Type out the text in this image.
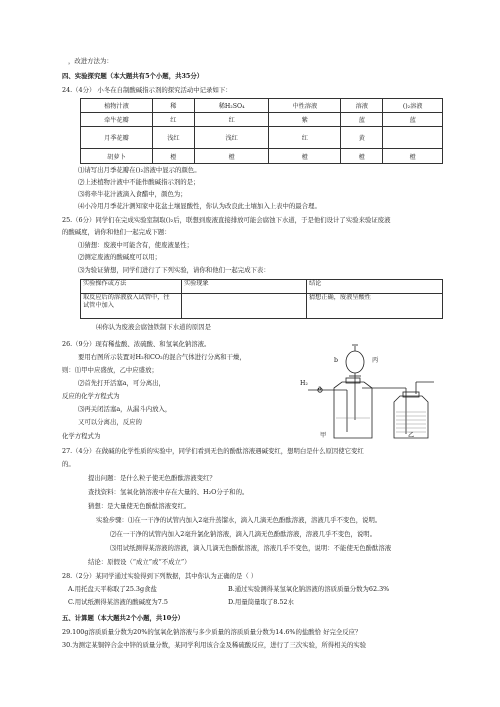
，改进方法为：
四、实验探究题（本大题共有5个小题，共35分）
24.（4分） 小冬在自制酸碱指示剂的探究活动中记录如下：
植物汁液	稀	稀H₂SO₄	中性溶液	溶液	()₂溶液
牵牛花瓣	红	红	紫	蓝	蓝
月季花瓣	浅红	浅红	红	黄	
胡萝卜	橙	橙	橙	橙	橙
⑴请写出月季花瓣在()₂溶液中显示的颜色。
⑵上述植物汁液中不能作酸碱指示剂的是；
⑶将牵牛花汁液滴入食醋中，颜色为；
⑷小冷用月季花汁测知家中花盆土壤显酸性，你认为改良此土壤加入上表中的最合理。
25.（6分）同学们在完成实验室制取()₂后，联想到废液直接排放可能会腐蚀下水道，于是他们设计了实验来验证废液
的酸碱度，请你和他们一起完成下题：
⑴猜想：废液中可能含有，使废液显性；
⑵测定废液的酸碱度可以用；
⑶为验证猜想，同学们进行了下列实验，请你和他们一起完成下表：
实验操作或方法	实验现象	结论

取反应后的溶液放入试管中，往
试管中加入		猜想正确，废液呈酸性
⑷你认为废液会腐蚀铁制下水道的原因是
26.（9分）现有稀盐酸、浓硫酸、和氢氧化钠溶液。
要用右图所示装置对H₂和CO₂的混合气体进行分离和干燥，
则：⑴甲中应盛放，乙中应盛放；
⑵首先打开活塞a，可分离出，
反应的化学方程式为
⑶再关闭活塞a，从漏斗内放入，
又可以分离出，反应的
化学方程式为
b
a
H₂
丙
甲	乙
27.（4分）在做碱的化学性质的实验中，同学们看到无色的酚酞溶液遇碱变红，想明白是什么原因使它变红
的。
提出问题：是什么粒子使无色酚酞溶液变红？
查找资料：氢氧化钠溶液中存在大量的、H₂O分子和的。
猜想：是大量使无色酚酞溶液变红。
实验步骤：⑴在一干净的试管内加入2毫升蒸馏水，滴入几滴无色酚酞溶液，溶液几乎不变色，说明。
⑵在一干净的试管内加入2毫升氯化钠溶液，滴入几滴无色酚酞溶液，溶液几乎不变色，说明。
⑶用试纸测得某溶液的溶液，滴入几滴无色酚酞溶液，溶液几乎不变色，说明：不能使无色酚酞溶液
结论：原假设（“成立”或“不成立”）
28.（2分）某同学通过实验得到下列数据，其中你认为正确的是（ ）
A.用托盘天平称取了25.3g食盐	B.通过实验测得某氢氧化钠溶液的溶质质量分数为62.3%
C.用试纸测得某溶液的酸碱度为7.5	D.用量筒量取了8.52水
五、计算题（本大题共2个小题，共10分）
29.100g溶质质量分数为20%的氢氧化钠溶液与多少质量的溶质质量分数为14.6%的盐酸恰 好完全反应？
30.为测定某铜锌合金中锌的质量分数，某同学利用该合金及稀硫酸反应，进行了三次实验，所得相关的实验
